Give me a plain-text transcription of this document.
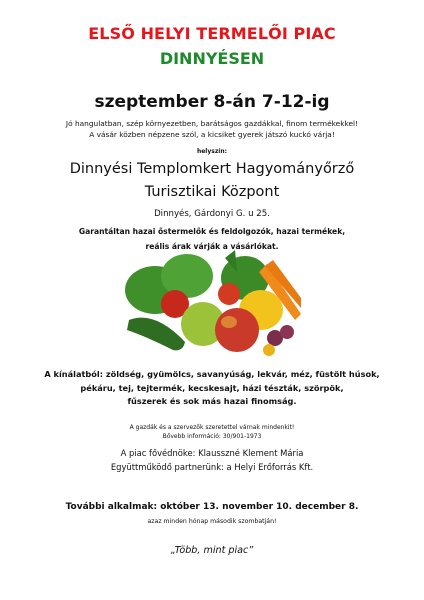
ELSŐ HELYI TERMELŐI PIAC

DINNYÉSEN

szeptember 8-án 7-12-ig

Jó hangulatban, szép környezetben, barátságos gazdákkal, finom termékekkel!
A vásár közben népzene szól, a kicsiket gyerek játszó kuckó várja!

helyszín:

Dinnyési Templomkert Hagyományőrző

Turisztikai Központ

Dinnyés, Gárdonyi G. u 25.

Garantáltan hazai őstermelők és feldolgozók, hazai termékek,
reális árak várják a vásárlókat.
A kínálatból: zöldség, gyümölcs, savanyúság, lekvár, méz, füstölt húsok,
pékáru, tej, tejtermék, kecskesajt, házi tészták, szörpök,
fűszerek és sok más hazai finomság.
A gazdák és a szervezők szeretettel várnak mindenkit!
Bővebb információ: 30/901-1973
A piac fővédnöke: Klausszné Klement Mária
Együttműködő partnerünk: a Helyi Erőforrás Kft.

További alkalmak: október 13. november 10. december 8.

azaz minden hónap második szombatján!

„Több, mint piac”
